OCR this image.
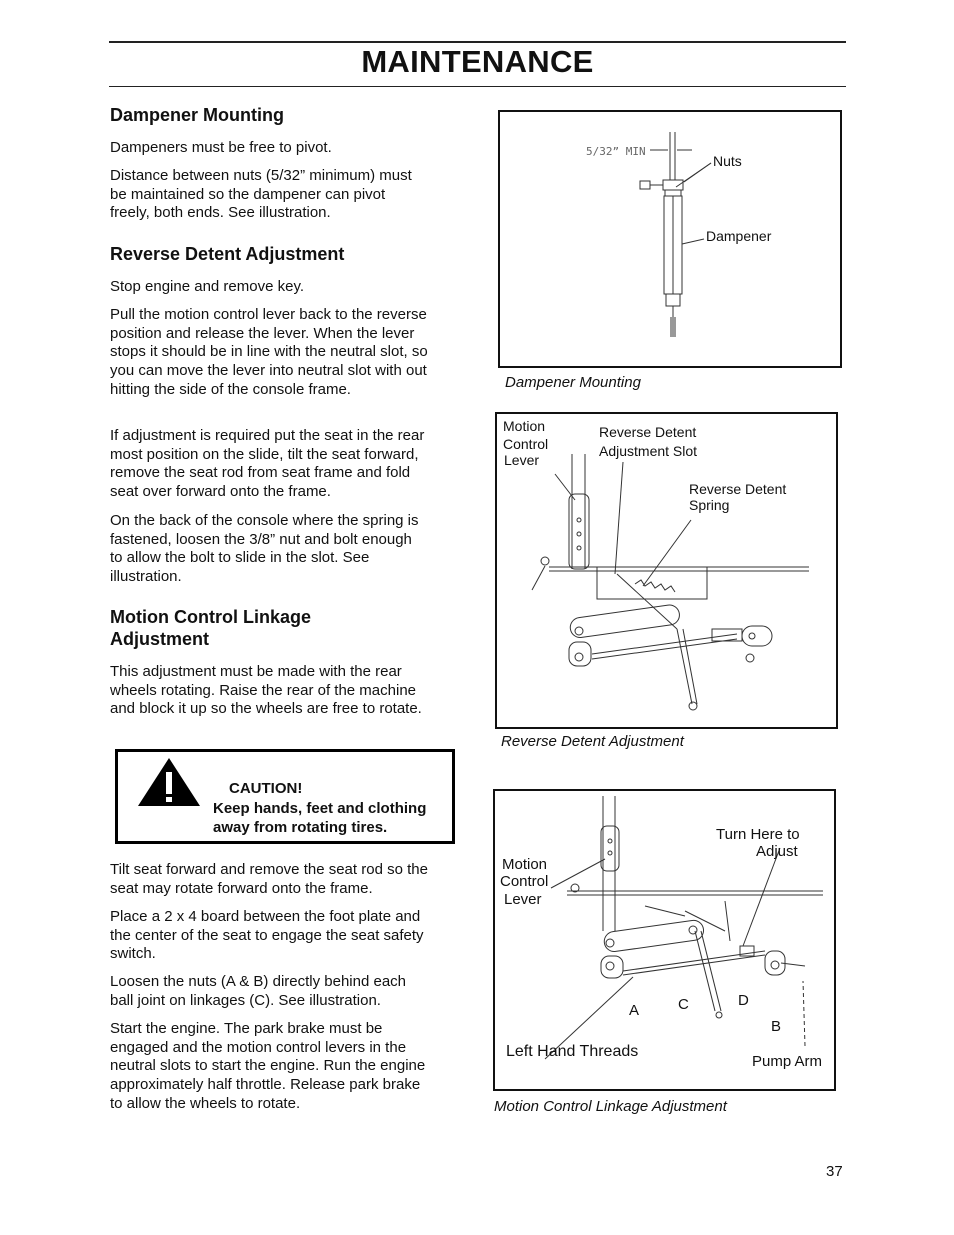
MAINTENANCE
Dampener Mounting

Dampeners must be free to pivot.

Distance between nuts (5/32” minimum) must be maintained so the dampener can pivot freely, both ends. See illustration.

Reverse Detent Adjustment

Stop engine and remove key.

Pull the motion control lever back to the reverse position and release the lever. When the lever stops it should be in line with the neutral slot, so you can move the lever into neutral slot with out hitting the side of the console frame.

If adjustment is required put the seat in the rear most position on the slide, tilt the seat forward, remove the seat rod from seat frame and fold seat over forward onto the frame.

On the back of the console where the spring is fastened, loosen the 3/8” nut and bolt enough to allow the bolt to slide in the slot. See illustration.

Motion Control Linkage Adjustment

This adjustment must be made with the rear wheels rotating. Raise the rear of the machine and block it up so the wheels are free to rotate.

CAUTION!
Keep hands, feet and clothing away from rotating tires.

Tilt seat forward and remove the seat rod so the seat may rotate forward onto the frame.

Place a 2 x 4 board between the foot plate and the center of the seat to engage the seat safety switch.

Loosen the nuts (A & B) directly behind each ball joint on linkages (C). See illustration.

Start the engine. The park brake must be engaged and the motion control levers in the neutral slots to start the engine. Run the engine approximately half throttle. Release park brake to allow the wheels to rotate.

5/32” MIN
Nuts
Dampener
Dampener Mounting
Motion
Control
Lever
Reverse Detent
Adjustment Slot
Reverse Detent
Spring
Reverse Detent Adjustment
Turn Here to
Adjust
Motion
Control
Lever
D
C
A
B
Left Hand Threads
Pump Arm
Motion Control Linkage Adjustment
37
